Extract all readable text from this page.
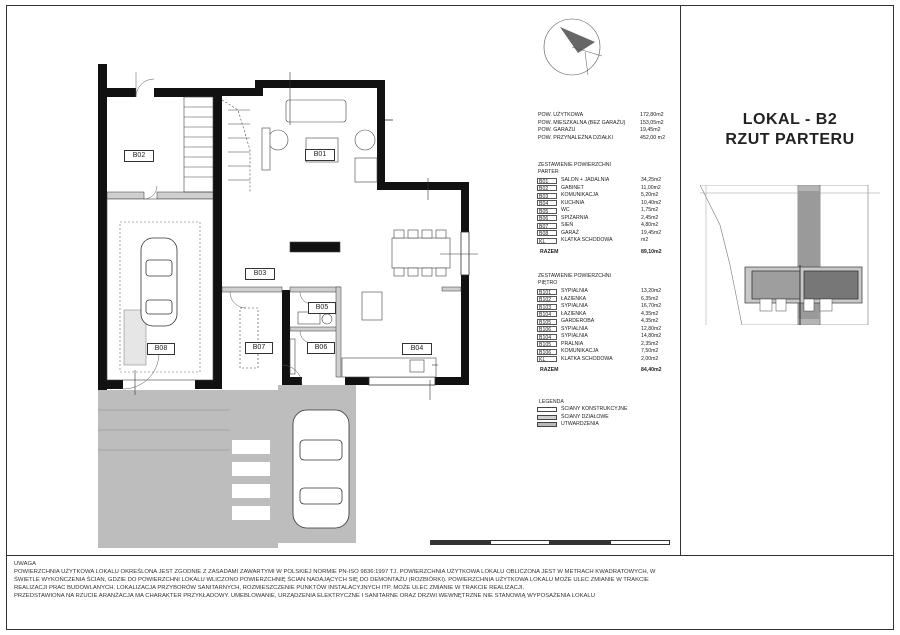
B01
B02
B03
B04
B05
B06
B07
B08
POW. UŻYTKOWA	172,80m2
POW. MIESZKALNA (BEZ GARAŻU)	153,05m2
POW. GARAŻU	19,45m2
POW. PRZYNALEŻNA DZIAŁKI	452,00 m2
ZESTAWIENIE POWIERZCHNI
PARTER
B01	SALON + JADALNIA	34,25m2
B02	GABINET	11,00m2
B03	KOMUNIKACJA	5,20m2
B04	KUCHNIA	10,40m2
B05	WC	1,75m2
B06	SPIŻARNIA	2,45m2
B07	SIEŃ	4,80m2
B08	GARAŻ	19,45m2
KL	KLATKA SCHODOWA	m2
RAZEM	89,10m2
ZESTAWIENIE POWIERZCHNI
PIĘTRO
B101	SYPIALNIA	13,20m2
B102	ŁAZIENKA	6,35m2
B103	SYPIALNIA	16,70m2
B104	ŁAZIENKA	4,35m2
B105	GARDEROBA	4,35m2
B106	SYPIALNIA	12,80m2
B104	SYPIALNIA	14,80m2
B105	PRALNIA	2,35m2
B106	KOMUNIKACJA	7,50m2
KL	KLATKA SCHODOWA	2,00m2
RAZEM	84,40m2
LEGENDA
ŚCIANY KONSTRUKCYJNE
ŚCIANY DZIAŁOWE
UTWARDZENIA
LOKAL - B2
RZUT PARTERU

UWAGA

POWIERZCHNIA UŻYTKOWA LOKALU OKREŚLONA JEST ZGODNIE Z ZASADAMI ZAWARTYMI W POLSKIEJ NORMIE PN-ISO 9836:1997 TJ. POWIERZCHNIA UŻYTKOWA LOKALU OBLICZONA JEST W METRACH KWADRATOWYCH, W ŚWIETLE WYKOŃCZENIA ŚCIAN, GDZIE DO POWIERZCHNI LOKALU WLICZONO POWIERZCHNIĘ ŚCIAN NADAJĄCYCH SIĘ DO DEMONTAŻU (ROZBIÓRKI). POWIERZCHNIA UŻYTKOWA LOKALU MOŻE ULEC ZMIANIE W TRAKCIE REALIZACJI PRAC BUDOWLANYCH. LOKALIZACJA PRZYBORÓW SANITARNYCH, ROZMIESZCZENIE PUNKTÓW INSTALACYJNYCH ITP. MOŻE ULEC ZMIANIE W TRAKCIE REALIZACJI.

PRZEDSTAWIONA NA RZUCIE ARANŻACJA MA CHARAKTER PRZYKŁADOWY. UMEBLOWANIE, URZĄDZENIA ELEKTRYCZNE I SANITARNE ORAZ DRZWI WEWNĘTRZNE NIE STANOWIĄ WYPOSAŻENIA LOKALU
